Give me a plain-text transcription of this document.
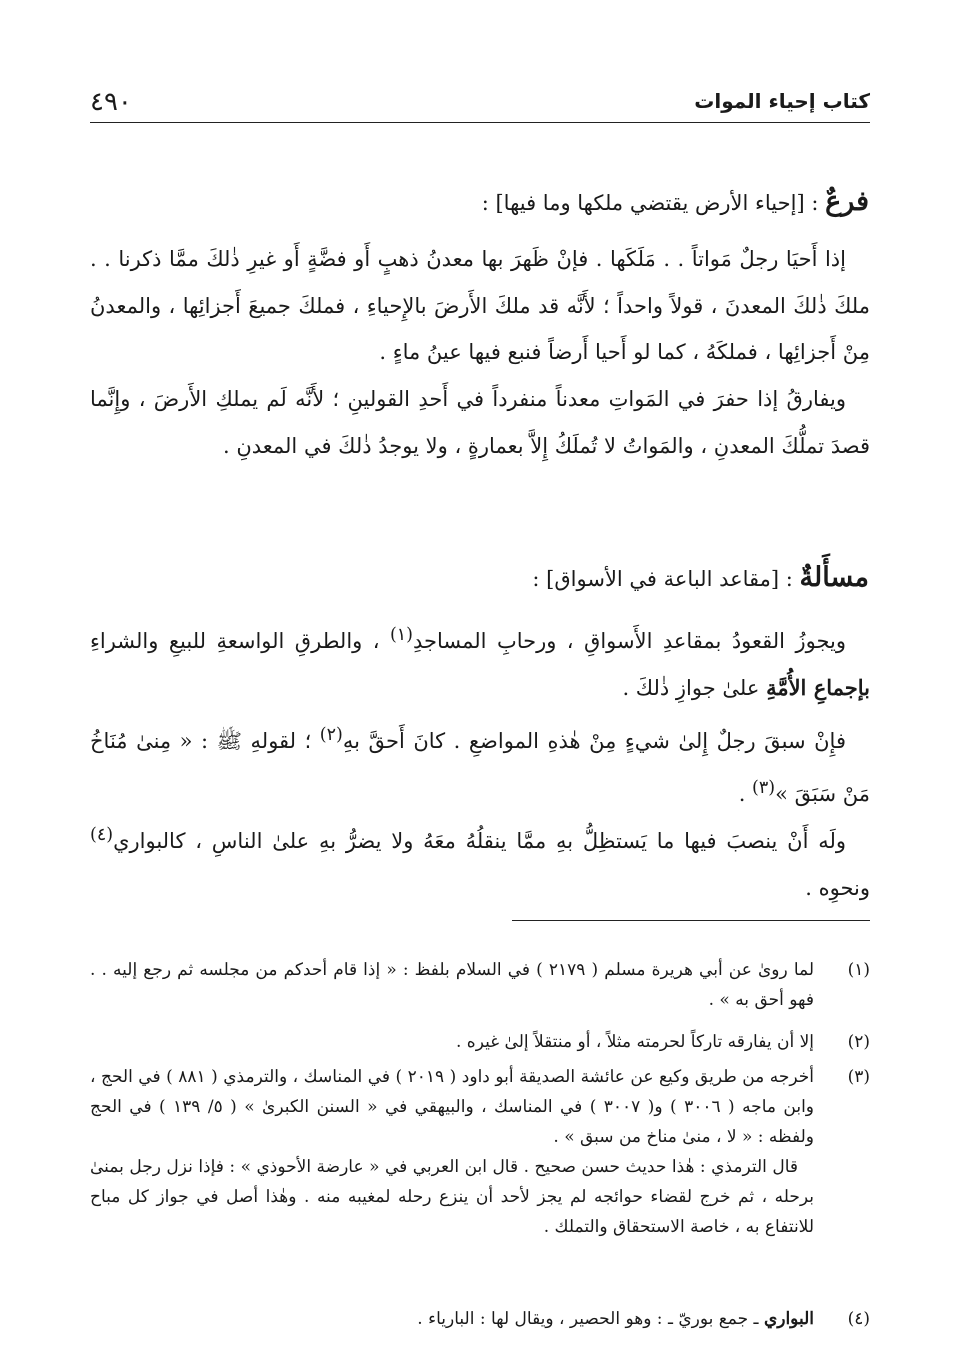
٤٩٠	كتاب إحياء الموات
فرعٌ : [إحياء الأرض يقتضي ملكها وما فيها] :
إذا أَحيَا رجلٌ مَواتاً . . مَلَكَها . فإنْ ظَهرَ بها معدنُ ذهبٍ أَو فضَّةٍ أَو غيرِ ذٰلكَ ممَّا ذكرنا . . ملكَ ذٰلكَ المعدنَ ، قولاً واحداً ؛ لأَنَّه قد ملكَ الأَرضَ بالإِحياءِ ، فملكَ جميعَ أَجزائِها ، والمعدنُ مِنْ أَجزائِها ، فملكَهُ ، كما لو أَحيا أَرضاً فنبع فيها عينُ ماءٍ .
ويفارقُ إذا حفرَ في المَواتِ معدناً منفرداً في أَحدِ القولينِ ؛ لأَنَّه لَم يملكِ الأَرضَ ، وإِنَّما قصدَ تملُّكَ المعدنِ ، والمَواتُ لا تُملَكُ إِلاَّ بعمارةٍ ، ولا يوجدُ ذٰلكَ في المعدنِ .
مسأَلةٌ : [مقاعد الباعة في الأسواق] :
ويجوزُ القعودُ بمقاعدِ الأَسواقِ ، ورحابِ المساجدِ$^{(١)}$ ، والطرقِ الواسعةِ للبيعِ والشراءِ بإجماعِ الأُمَّةِ علىٰ جوازِ ذٰلكَ .
فإِنْ سبقَ رجلٌ إِلىٰ شيءٍ مِنْ هٰذهِ المواضعِ . كانَ أَحقَّ بهِ$^{(٢)}$ ؛ لقولهِ ﷺ : « مِنىٰ مُنَاخُ مَنْ سَبَقَ »$^{(٣)}$ .
ولَه أَنْ ينصبَ فيها ما يَستظِلُّ بهِ ممَّا ينقلُهُ معَهُ ولا يضرُّ بهِ علىٰ الناسِ ، كالبواري$^{(٤)}$ ونحوِه .
(١)
لما روىٰ عن أبي هريرة مسلم ( ٢١٧٩ ) في السلام بلفظ : « إذا قام أحدكم من مجلسه ثم رجع إليه . . فهو أحق به » .
(٢)
إلا أن يفارقه تاركاً لحرمته مثلاً ، أو منتقلاً إلىٰ غيره .
(٣)
أخرجه من طريق وكيع عن عائشة الصديقة أبو داود ( ٢٠١٩ ) في المناسك ، والترمذي ( ٨٨١ ) في الحج ، وابن ماجه ( ٣٠٠٦ ) و( ٣٠٠٧ ) في المناسك ، والبيهقي في « السنن الكبرىٰ » ( ٥/ ١٣٩ ) في الحج ولفظه : « لا ، منىٰ مناخ من سبق » .
قال الترمذي : هٰذا حديث حسن صحيح . قال ابن العربي في « عارضة الأحوذي » : فإذا نزل رجل بمنىٰ برحله ، ثم خرج لقضاء حوائجه لم يجز لأحد أن ينزع رحله لمغيبه منه . وهٰذا أصل في جواز كل مباح للانتفاع به ، خاصة الاستحقاق والتملك .
(٤)
البواري ـ جمع بوريّ ـ : وهو الحصير ، ويقال لها : البارياء .
